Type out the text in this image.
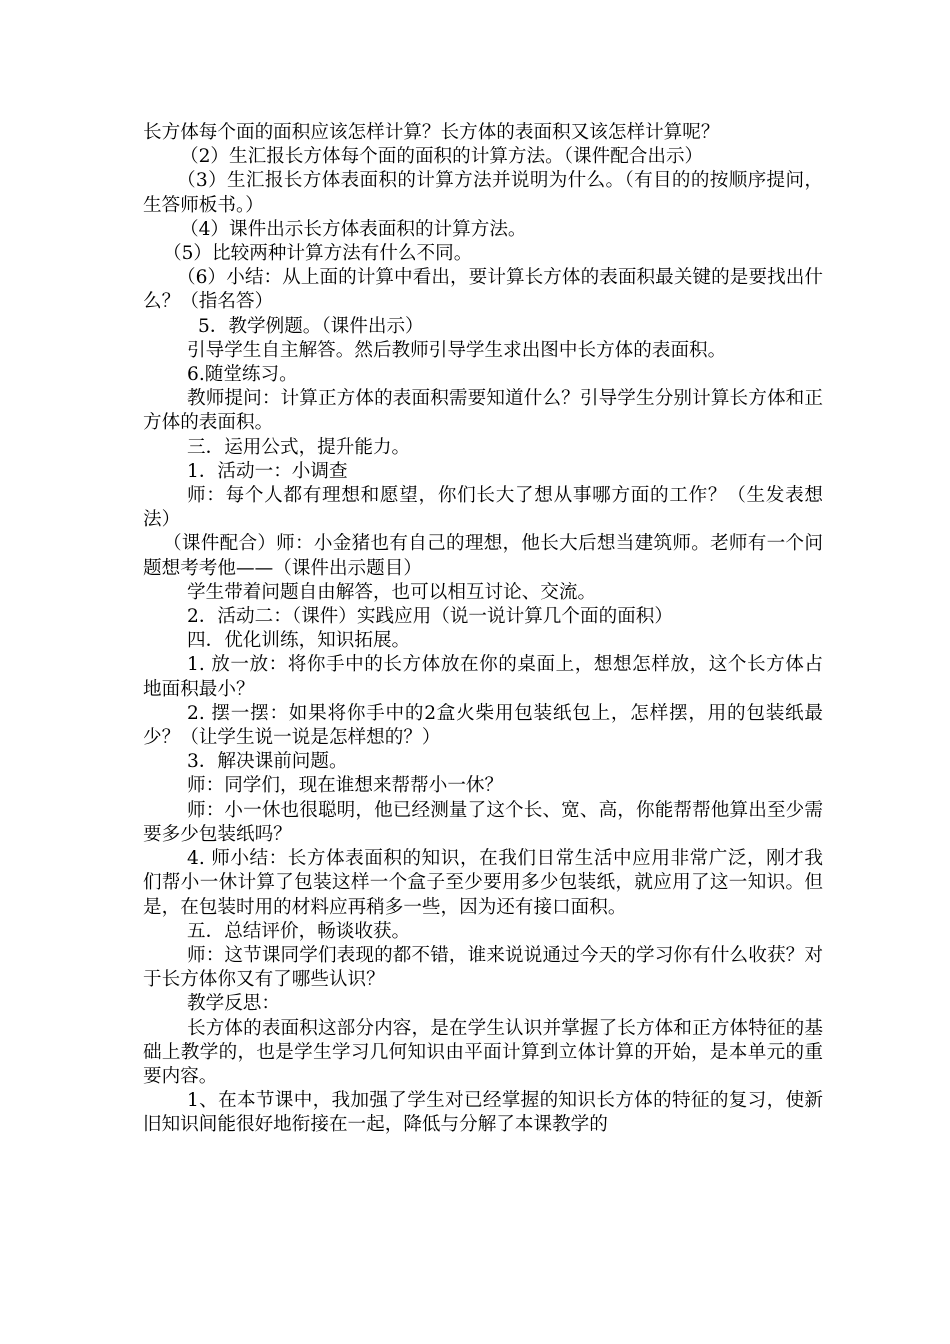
长方体每个面的面积应该怎样计算？长方体的表面积又该怎样计算呢？

（2）生汇报长方体每个面的面积的计算方法。（课件配合出示）

（3）生汇报长方体表面积的计算方法并说明为什么。（有目的的按顺序提问，生答师板书。）

（4）课件出示长方体表面积的计算方法。

（5）比较两种计算方法有什么不同。

（6）小结：从上面的计算中看出，要计算长方体的表面积最关键的是要找出什么？（指名答）

5．教学例题。（课件出示）

引导学生自主解答。然后教师引导学生求出图中长方体的表面积。

6.随堂练习。

教师提问：计算正方体的表面积需要知道什么？引导学生分别计算长方体和正方体的表面积。

三．运用公式，提升能力。

1．活动一：小调查

师：每个人都有理想和愿望，你们长大了想从事哪方面的工作？（生发表想法）

（课件配合）师：小金猪也有自己的理想，他长大后想当建筑师。老师有一个问题想考考他——（课件出示题目）

学生带着问题自由解答，也可以相互讨论、交流。

2．活动二：（课件）实践应用（说一说计算几个面的面积）

四．优化训练，知识拓展。

1. 放一放：将你手中的长方体放在你的桌面上，想想怎样放，这个长方体占地面积最小？

2. 摆一摆：如果将你手中的2盒火柴用包装纸包上，怎样摆，用的包装纸最少？（让学生说一说是怎样想的？）

3．解决课前问题。

师：同学们，现在谁想来帮帮小一休？

师：小一休也很聪明，他已经测量了这个长、宽、高，你能帮帮他算出至少需要多少包装纸吗？

4. 师小结：长方体表面积的知识，在我们日常生活中应用非常广泛，刚才我们帮小一休计算了包装这样一个盒子至少要用多少包装纸，就应用了这一知识。但是，在包装时用的材料应再稍多一些，因为还有接口面积。

五．总结评价，畅谈收获。

师：这节课同学们表现的都不错，谁来说说通过今天的学习你有什么收获？对于长方体你又有了哪些认识？

教学反思：

长方体的表面积这部分内容，是在学生认识并掌握了长方体和正方体特征的基础上教学的，也是学生学习几何知识由平面计算到立体计算的开始，是本单元的重要内容。

1、在本节课中，我加强了学生对已经掌握的知识长方体的特征的复习，使新旧知识间能很好地衔接在一起，降低与分解了本课教学的
